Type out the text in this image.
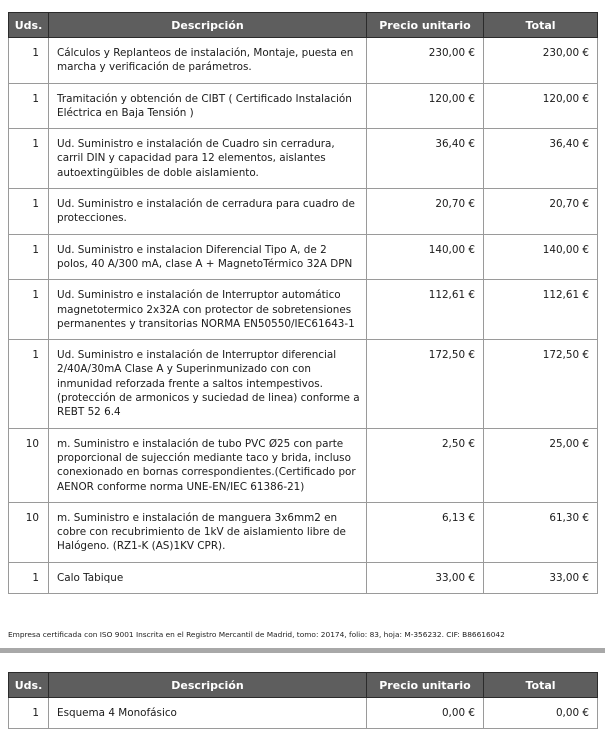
Uds.	Descripción	Precio unitario	Total
1	Cálculos y Replanteos de instalación, Montaje, puesta en marcha y verificación de parámetros.	230,00 €	230,00 €
1	Tramitación y obtención de CIBT ( Certificado Instalación Eléctrica en Baja Tensión )	120,00 €	120,00 €
1	Ud. Suministro e instalación de Cuadro sin cerradura, carril DIN y capacidad para 12 elementos, aislantes autoextingüibles de doble aislamiento.	36,40 €	36,40 €
1	Ud. Suministro e instalación de cerradura para cuadro de protecciones.	20,70 €	20,70 €
1	Ud. Suministro e instalacion Diferencial Tipo A, de 2 polos, 40 A/300 mA, clase A + MagnetoTérmico 32A DPN	140,00 €	140,00 €
1	Ud. Suministro e instalación de Interruptor automático magnetotermico 2x32A con protector de sobretensiones permanentes y transitorias NORMA EN50550/IEC61643-1	112,61 €	112,61 €
1	Ud. Suministro e instalación de Interruptor diferencial 2/40A/30mA Clase A y Superinmunizado con con inmunidad reforzada frente a saltos intempestivos. (protección de armonicos y suciedad de linea) conforme a REBT 52 6.4	172,50 €	172,50 €
10	m. Suministro e instalación de tubo PVC Ø25 con parte proporcional de sujección mediante taco y brida, incluso conexionado en bornas correspondientes.(Certificado por AENOR conforme norma UNE-EN/IEC 61386-21)	2,50 €	25,00 €
10	m. Suministro e instalación de manguera 3x6mm2 en cobre con recubrimiento de 1kV de aislamiento libre de Halógeno. (RZ1-K (AS)1KV CPR).	6,13 €	61,30 €
1	Calo Tabique	33,00 €	33,00 €
Empresa certificada con ISO 9001 Inscrita en el Registro Mercantil de Madrid, tomo: 20174, folio: 83, hoja: M-356232. CIF: B86616042
Uds.	Descripción	Precio unitario	Total
1	Esquema 4 Monofásico	0,00 €	0,00 €
